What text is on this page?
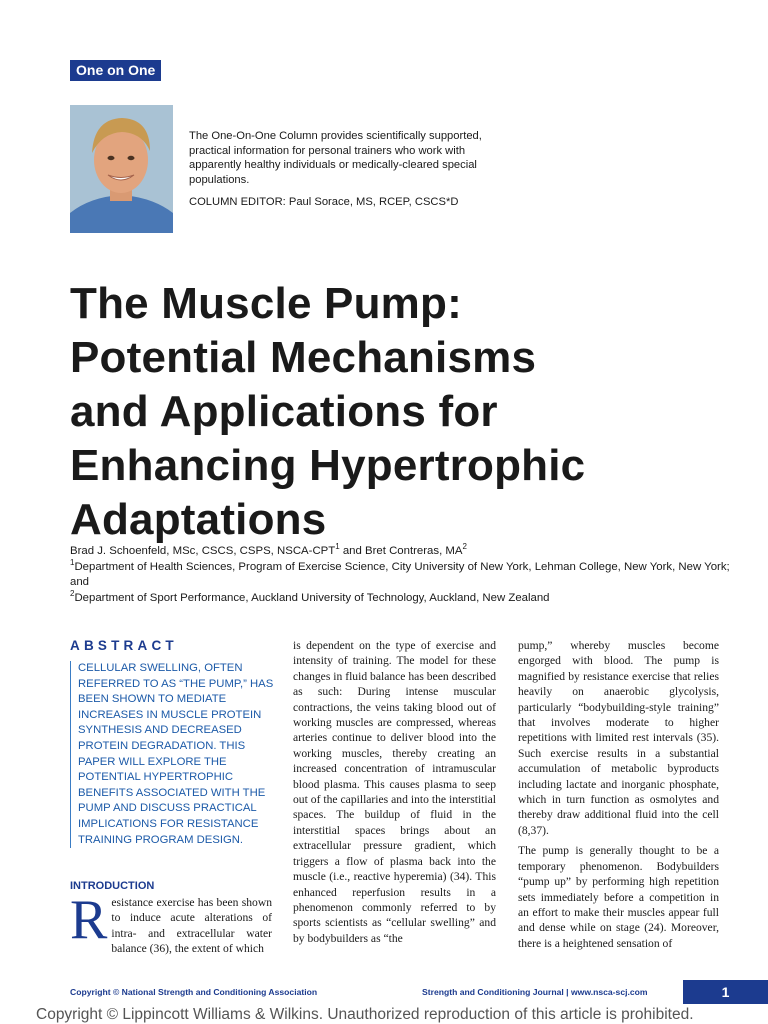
One on One

The One-On-One Column provides scientifically supported, practical information for personal trainers who work with apparently healthy individuals or medically-cleared special populations.

COLUMN EDITOR: Paul Sorace, MS, RCEP, CSCS*D

The Muscle Pump:
Potential Mechanisms
and Applications for
Enhancing Hypertrophic
Adaptations

Brad J. Schoenfeld, MSc, CSCS, CSPS, NSCA-CPT$^1$ and Bret Contreras, $MA^2$

$^1$Department of Health Sciences, Program of Exercise Science, City University of New York, Lehman College, New York, New York; and

$^2$Department of Sport Performance, Auckland University of Technology, Auckland, New Zealand

ABSTRACT
CELLULAR SWELLING, OFTEN REFERRED TO AS “THE PUMP,” HAS BEEN SHOWN TO MEDIATE INCREASES IN MUSCLE PROTEIN SYNTHESIS AND DECREASED PROTEIN DEGRADATION. THIS PAPER WILL EXPLORE THE POTENTIAL HYPERTROPHIC BENEFITS ASSOCIATED WITH THE PUMP AND DISCUSS PRACTICAL IMPLICATIONS FOR RESISTANCE TRAINING PROGRAM DESIGN.
INTRODUCTION

Resistance exercise has been shown to induce acute alterations of intra- and extracellular water balance (36), the extent of which

is dependent on the type of exercise and intensity of training. The model for these changes in fluid balance has been described as such: During intense muscular contractions, the veins taking blood out of working muscles are compressed, whereas arteries continue to deliver blood into the working muscles, thereby creating an increased concentration of intramuscular blood plasma. This causes plasma to seep out of the capillaries and into the interstitial spaces. The buildup of fluid in the interstitial spaces brings about an extracellular pressure gradient, which triggers a flow of plasma back into the muscle (i.e., reactive hyperemia) (34). This enhanced reperfusion results in a phenomenon commonly referred to by sports scientists as “cellular swelling” and by bodybuilders as “the

pump,” whereby muscles become engorged with blood. The pump is magnified by resistance exercise that relies heavily on anaerobic glycolysis, particularly “bodybuilding-style training” that involves moderate to higher repetitions with limited rest intervals (35). Such exercise results in a substantial accumulation of metabolic byproducts including lactate and inorganic phosphate, which in turn function as osmolytes and thereby draw additional fluid into the cell (8,37).

The pump is generally thought to be a temporary phenomenon. Bodybuilders “pump up” by performing high repetition sets immediately before a competition in an effort to make their muscles appear full and dense while on stage (24). Moreover, there is a heightened sensation of

Copyright © National Strength and Conditioning Association	Strength and Conditioning Journal | www.nsca-scj.com	1
Copyright © Lippincott Williams & Wilkins. Unauthorized reproduction of this article is prohibited.
